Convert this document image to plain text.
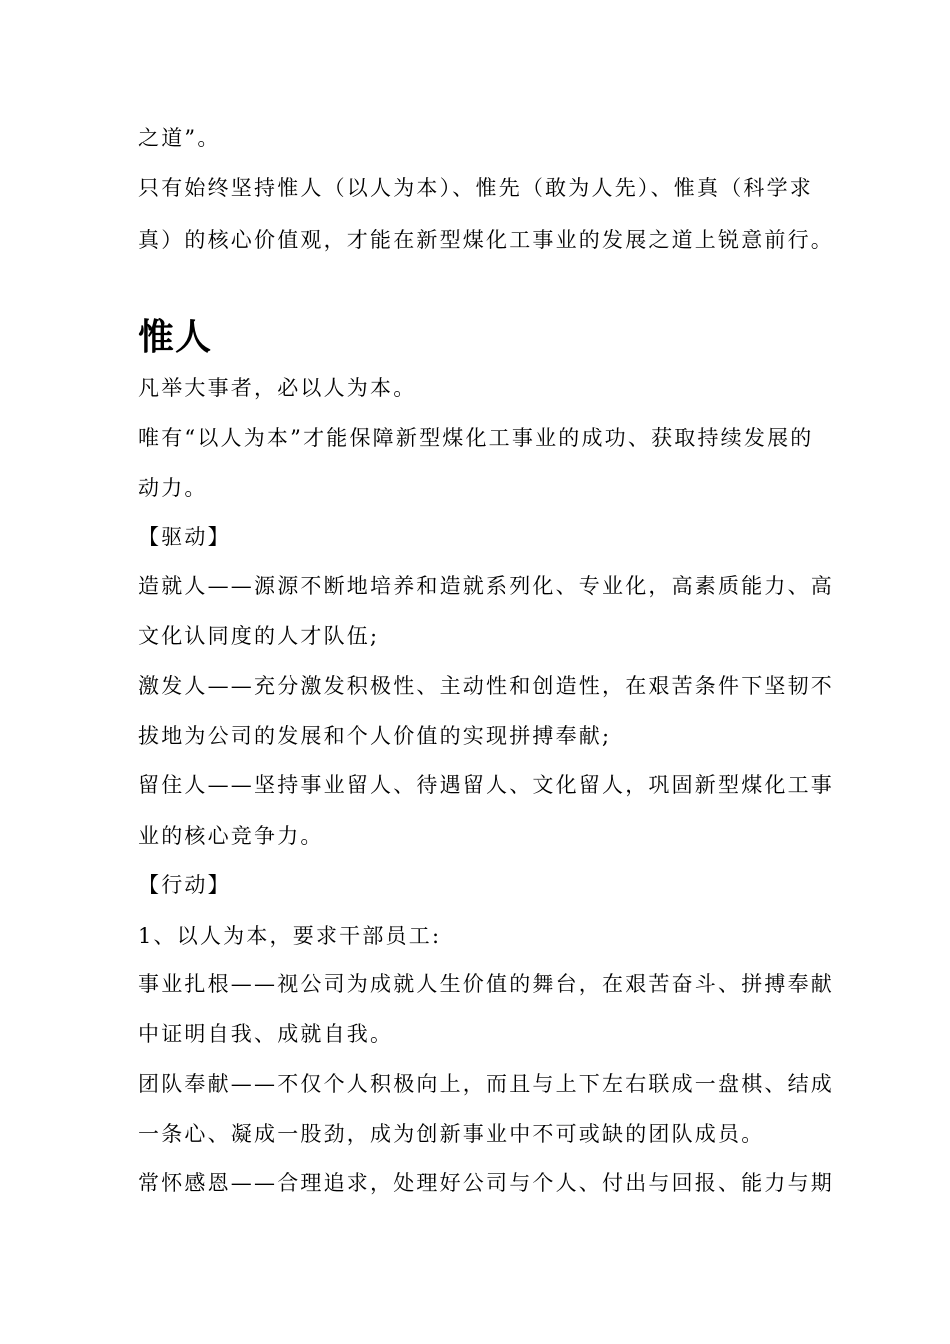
之道”。
只有始终坚持惟人（以人为本）、惟先（敢为人先）、惟真（科学求
真）的核心价值观，才能在新型煤化工事业的发展之道上锐意前行。
惟人
凡举大事者，必以人为本。
唯有“以人为本”才能保障新型煤化工事业的成功、获取持续发展的
动力。
【驱动】
造就人——源源不断地培养和造就系列化、专业化，高素质能力、高
文化认同度的人才队伍;
激发人——充分激发积极性、主动性和创造性，在艰苦条件下坚韧不
拔地为公司的发展和个人价值的实现拼搏奉献;
留住人——坚持事业留人、待遇留人、文化留人，巩固新型煤化工事
业的核心竞争力。
【行动】
1、以人为本，要求干部员工:
事业扎根——视公司为成就人生价值的舞台，在艰苦奋斗、拼搏奉献
中证明自我、成就自我。
团队奉献——不仅个人积极向上，而且与上下左右联成一盘棋、结成
一条心、凝成一股劲，成为创新事业中不可或缺的团队成员。
常怀感恩——合理追求，处理好公司与个人、付出与回报、能力与期
